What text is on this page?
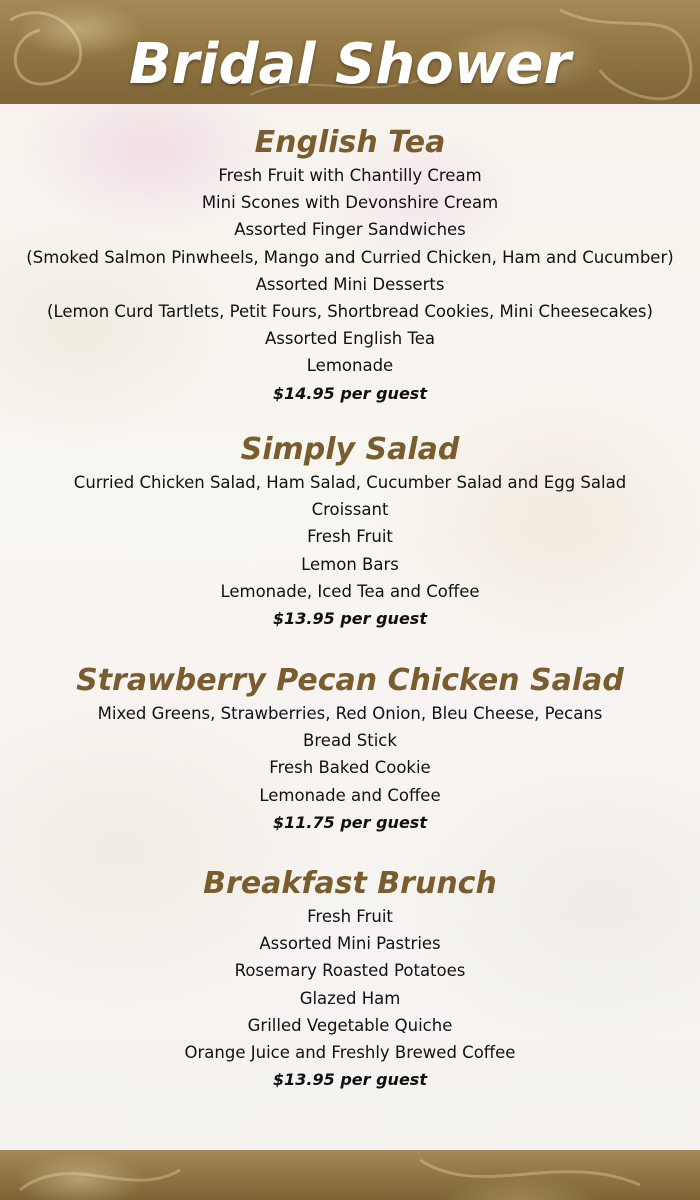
Bridal Shower
English Tea
Fresh Fruit with Chantilly Cream
Mini Scones with Devonshire Cream
Assorted Finger Sandwiches
(Smoked Salmon Pinwheels, Mango and Curried Chicken, Ham and Cucumber)
Assorted Mini Desserts
(Lemon Curd Tartlets, Petit Fours, Shortbread Cookies, Mini Cheesecakes)
Assorted English Tea
Lemonade
$14.95 per guest
Simply Salad
Curried Chicken Salad, Ham Salad, Cucumber Salad and Egg Salad
Croissant
Fresh Fruit
Lemon Bars
Lemonade, Iced Tea and Coffee
$13.95 per guest
Strawberry Pecan Chicken Salad
Mixed Greens, Strawberries, Red Onion, Bleu Cheese, Pecans
Bread Stick
Fresh Baked Cookie
Lemonade and Coffee
$11.75 per guest
Breakfast Brunch
Fresh Fruit
Assorted Mini Pastries
Rosemary Roasted Potatoes
Glazed Ham
Grilled Vegetable Quiche
Orange Juice and Freshly Brewed Coffee
$13.95 per guest
